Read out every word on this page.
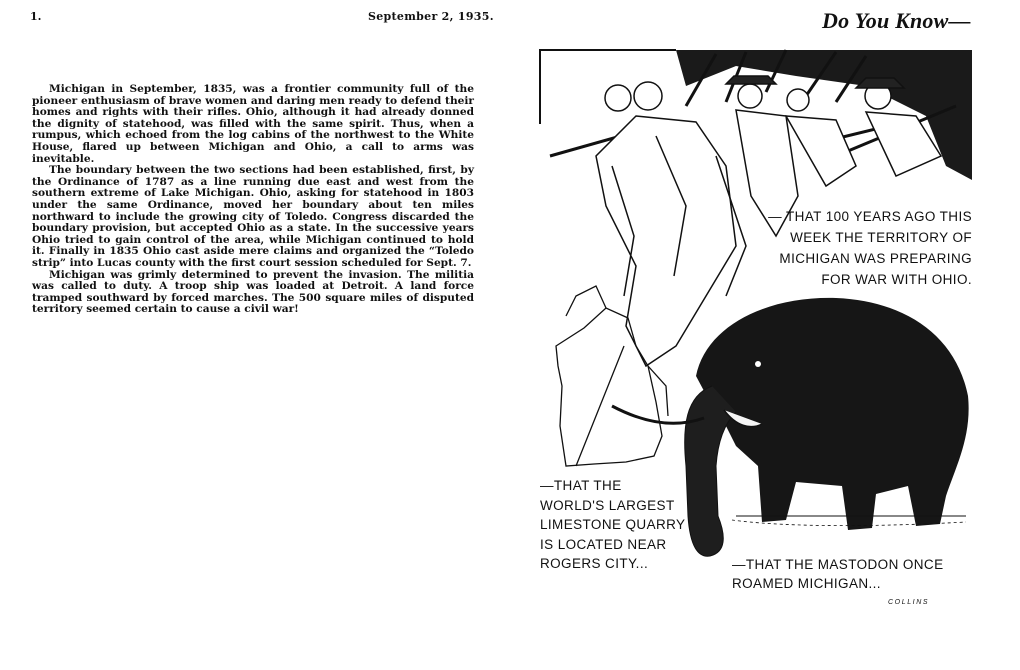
1.	September 2, 1935.	Do You Know—

Michigan in September, 1835, was a frontier community full of the pioneer enthusiasm of brave women and daring men ready to defend their homes and rights with their rifles. Ohio, although it had already donned the dignity of statehood, was filled with the same spirit. Thus, when a rumpus, which echoed from the log cabins of the northwest to the White House, flared up between Michigan and Ohio, a call to arms was inevitable.

The boundary between the two sections had been established, first, by the Ordinance of 1787 as a line running due east and west from the southern extreme of Lake Michigan. Ohio, asking for statehood in 1803 under the same Ordinance, moved her boundary about ten miles northward to include the growing city of Toledo. Congress discarded the boundary provision, but accepted Ohio as a state. In the successive years Ohio tried to gain control of the area, while Michigan continued to hold it. Finally in 1835 Ohio cast aside mere claims and organized the “Toledo strip” into Lucas county with the first court session scheduled for Sept. 7.

Michigan was grimly determined to prevent the invasion. The militia was called to duty. A troop ship was loaded at Detroit. A land force tramped southward by forced marches. The 500 square miles of disputed territory seemed certain to cause a civil war!

— THAT 100 YEARS AGO THIS WEEK THE TERRITORY OF MICHIGAN WAS PREPARING FOR WAR WITH OHIO.
—THAT THE WORLD'S LARGEST LIMESTONE QUARRY IS LOCATED NEAR ROGERS CITY...	—THAT THE MASTODON ONCE ROAMED MICHIGAN...
COLLINS
